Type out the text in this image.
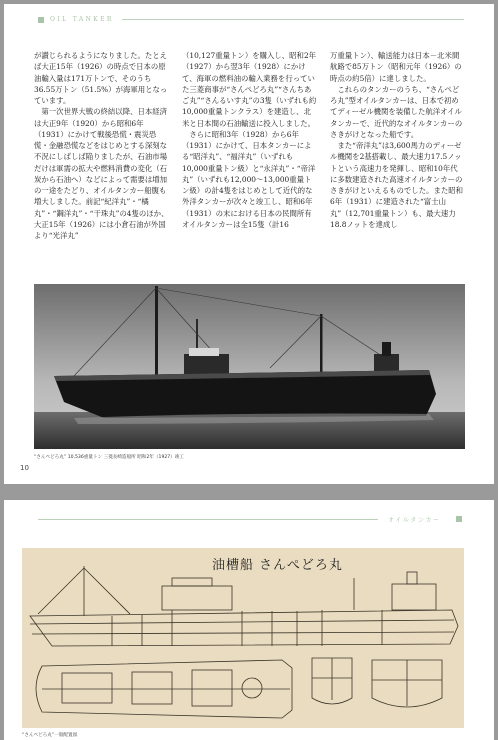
OIL TANKER

が讃じられるようになりました。たとえば大正15年（1926）の時点で日本の原油輸入量は171万トンで、そのうち36.55万トン（51.5%）が海軍用となっています。

第一次世界大戦の終結以降、日本経済は大正9年（1920）から昭和6年（1931）にかけて戦後恐慌・震災恐慌・金融恐慌などをはじめとする深刻な不況にしばしば陥りましたが、石油市場だけは軍需の拡大や燃料消費の変化（石炭から石油へ）などによって需要は増加の一途をたどり、オイルタンカー船腹も増大しました。前記“紀洋丸”・“橘丸”・“鋼洋丸”・“干珠丸”の4隻のほか、大正15年（1926）には小倉石油が外国より“光洋丸”

（10,127重量トン）を購入し、昭和2年（1927）から翌3年（1928）にかけて、海軍の燃料油の輸入業務を行っていた三菱商事が“さんぺどろ丸”“さんちあご丸”“さんるいす丸”の3隻（いずれも約10,000重量トンクラス）を建造し、北米と日本間の石油輸送に投入しました。

さらに昭和3年（1928）から6年（1931）にかけて、日本タンカーによる“昭洋丸”、“福洋丸”（いずれも10,000重量トン級）と“永洋丸”・“帝洋丸”（いずれも12,000～13,000重量トン級）の計4隻をはじめとして近代的な外洋タンカーが次々と竣工し、昭和6年（1931）の末における日本の民間所有オイルタンカーは全15隻（計16

万重量トン）、輸送能力は日本－北米間航路で85万トン（昭和元年（1926）の時点の約5倍）に達しました。

これらのタンカーのうち、“さんぺどろ丸”型オイルタンカーは、日本で初めてディーゼル機関を装備した航洋オイルタンカーで、近代的なオイルタンカーのさきがけとなった船です。

また“帝洋丸”は3,600馬力のディーゼル機関を2基搭載し、最大速力17.5ノットという高速力を発揮し、昭和10年代に多数建造された高速オイルタンカーのさきがけといえるものでした。また昭和6年（1931）に建造された“富士山丸”（12,701重量トン）も、最大速力18.8ノットを達成し

“さんぺどろ丸” 10,536重量トン 三菱長崎造船所 昭和2年（1927）竣工
10
オイルタンカー
油槽船 さんぺどろ丸
“さんぺどろ丸”一般配置図
